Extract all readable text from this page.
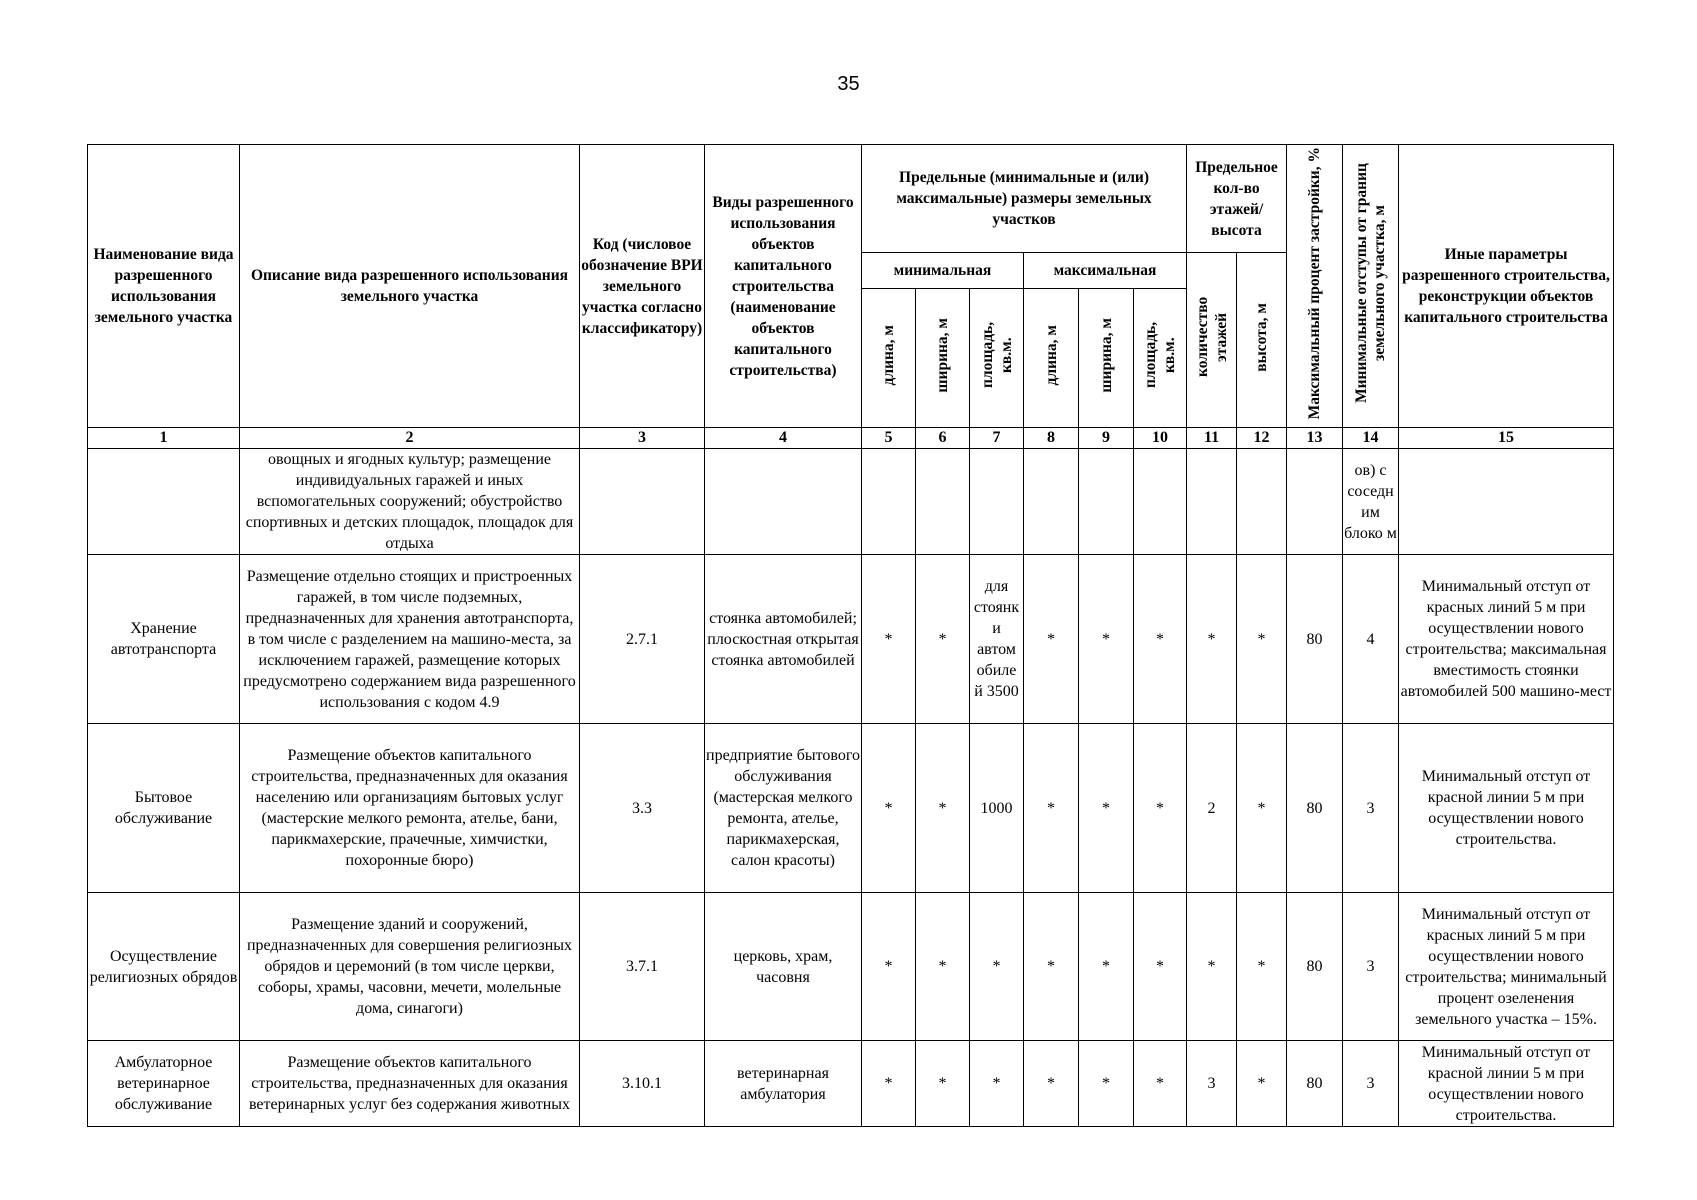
35
Наименование вида разрешенного использования земельного участка	Описание вида разрешенного использования земельного участка	Код (числовое обозначение ВРИ земельного участка согласно классификатору)	Виды разрешенного использования объектов капитального строительства (наименование объектов капитального строительства)	Предельные (минимальные и (или) максимальные) размеры земельных участков						Предельное кол-во этажей/ высота		Максимальный процент застройки, %	Минимальные отступы от границ земельного участка, м	Иные параметры разрешенного строительства, реконструкции объектов капитального строительства
				минимальная			максимальная			количество этажей	высота, м			
				длина, м	ширина, м	площадь, кв.м.	длина, м	ширина, м	площадь, кв.м.					
1	2	3	4	5	6	7	8	9	10	11	12	13	14	15
	овощных и ягодных культур; размещение индивидуальных гаражей и иных вспомогательных сооружений; обустройство спортивных и детских площадок, площадок для отдыха												ов) с соседн им блоко м	
Хранение автотранспорта	Размещение отдельно стоящих и пристроенных гаражей, в том числе подземных, предназначенных для хранения автотранспорта, в том числе с разделением на машино-места, за исключением гаражей, размещение которых предусмотрено содержанием вида разрешенного использования с кодом 4.9	2.7.1	стоянка автомобилей; плоскостная открытая стоянка автомобилей	*	*	для стоянк и автом обиле й 3500	*	*	*	*	*	80	4	Минимальный отступ от красных линий 5 м при осуществлении нового строительства; максимальная вместимость стоянки автомобилей 500 машино-мест
Бытовое обслуживание	Размещение объектов капитального строительства, предназначенных для оказания населению или организациям бытовых услуг (мастерские мелкого ремонта, ателье, бани, парикмахерские, прачечные, химчистки, похоронные бюро)	3.3	предприятие бытового обслуживания (мастерская мелкого ремонта, ателье, парикмахерская, салон красоты)	*	*	1000	*	*	*	2	*	80	3	Минимальный отступ от красной линии 5 м при осуществлении нового строительства.
Осуществление религиозных обрядов	Размещение зданий и сооружений, предназначенных для совершения религиозных обрядов и церемоний (в том числе церкви, соборы, храмы, часовни, мечети, молельные дома, синагоги)	3.7.1	церковь, храм, часовня	*	*	*	*	*	*	*	*	80	3	Минимальный отступ от красных линий 5 м при осуществлении нового строительства; минимальный процент озеленения земельного участка – 15%.
Амбулаторное ветеринарное обслуживание	Размещение объектов капитального строительства, предназначенных для оказания ветеринарных услуг без содержания животных	3.10.1	ветеринарная амбулатория	*	*	*	*	*	*	3	*	80	3	Минимальный отступ от красной линии 5 м при осуществлении нового строительства.
